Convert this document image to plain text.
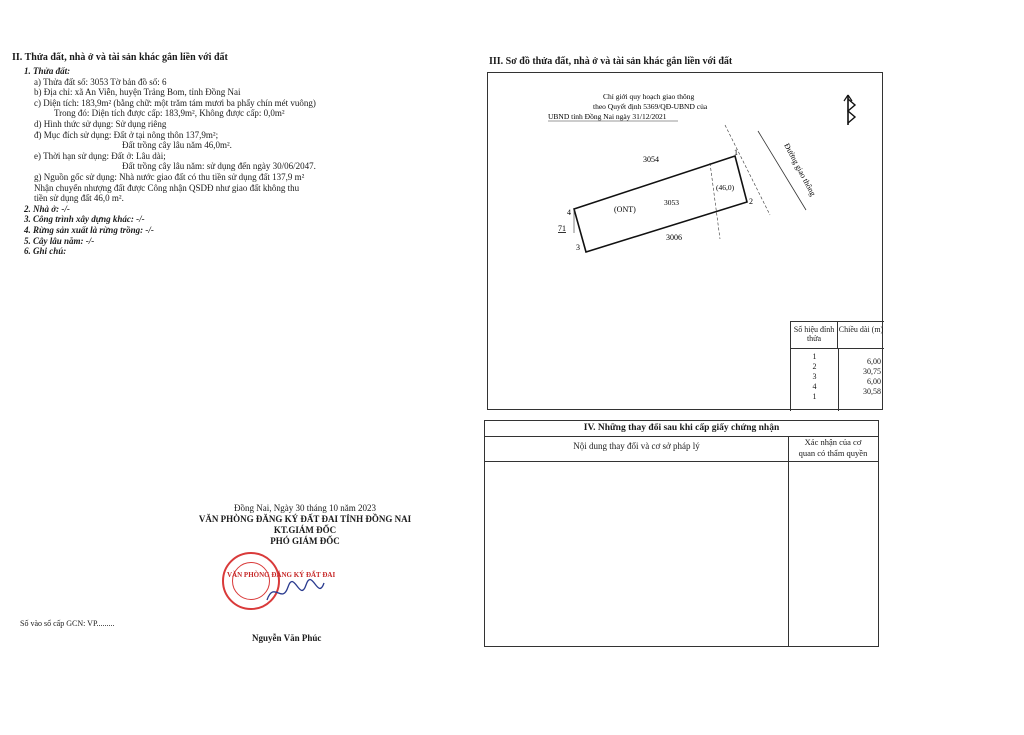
II. Thửa đất, nhà ở và tài sản khác gắn liền với đất
1. Thửa đất:
a) Thửa đất số: 3053 Tờ bản đồ số: 6
b) Địa chỉ: xã An Viễn, huyện Trảng Bom, tỉnh Đồng Nai
c) Diện tích: 183,9m² (bằng chữ: một trăm tám mươi ba phẩy chín mét vuông)
Trong đó: Diện tích được cấp: 183,9m², Không được cấp: 0,0m²
d) Hình thức sử dụng: Sử dụng riêng
đ) Mục đích sử dụng: Đất ở tại nông thôn 137,9m²;
Đất trồng cây lâu năm 46,0m².
e) Thời hạn sử dụng: Đất ở: Lâu dài;
Đất trồng cây lâu năm: sử dụng đến ngày 30/06/2047.
g) Nguồn gốc sử dụng: Nhà nước giao đất có thu tiền sử dụng đất 137,9 m²
Nhận chuyển nhượng đất được Công nhận QSDĐ như giao đất không thu
tiền sử dụng đất 46,0 m².
2. Nhà ở: -/-
3. Công trình xây dựng khác: -/-
4. Rừng sản xuất là rừng trồng: -/-
5. Cây lâu năm: -/-
6. Ghi chú:
Đồng Nai, Ngày 30 tháng 10 năm 2023
VĂN PHÒNG ĐĂNG KÝ ĐẤT ĐAI TỈNH ĐỒNG NAI
KT.GIÁM ĐỐC
PHÓ GIÁM ĐỐC
VĂN PHÒNG ĐĂNG KÝ ĐẤT ĐAI
Nguyễn Văn Phúc
Số vào sổ cấp GCN: VP.........
III. Sơ đồ thửa đất, nhà ở và tài sản khác gắn liền với đất
Chỉ giới quy hoạch giao thông
theo Quyết định 5369/QĐ-UBND của
UBND tỉnh Đồng Nai ngày 31/12/2021
Đường giao thông
1
2
3
4
3054
3053
(ONT)
(46,0)
3006
71
Số hiệu đỉnh thửa
Chiều dài (m)
1
2
3
4
1
6,00
30,75
6,00
30,58
IV. Những thay đổi sau khi cấp giấy chứng nhận
Nội dung thay đổi và cơ sở pháp lý	Xác nhận của cơ
quan có thẩm quyền
